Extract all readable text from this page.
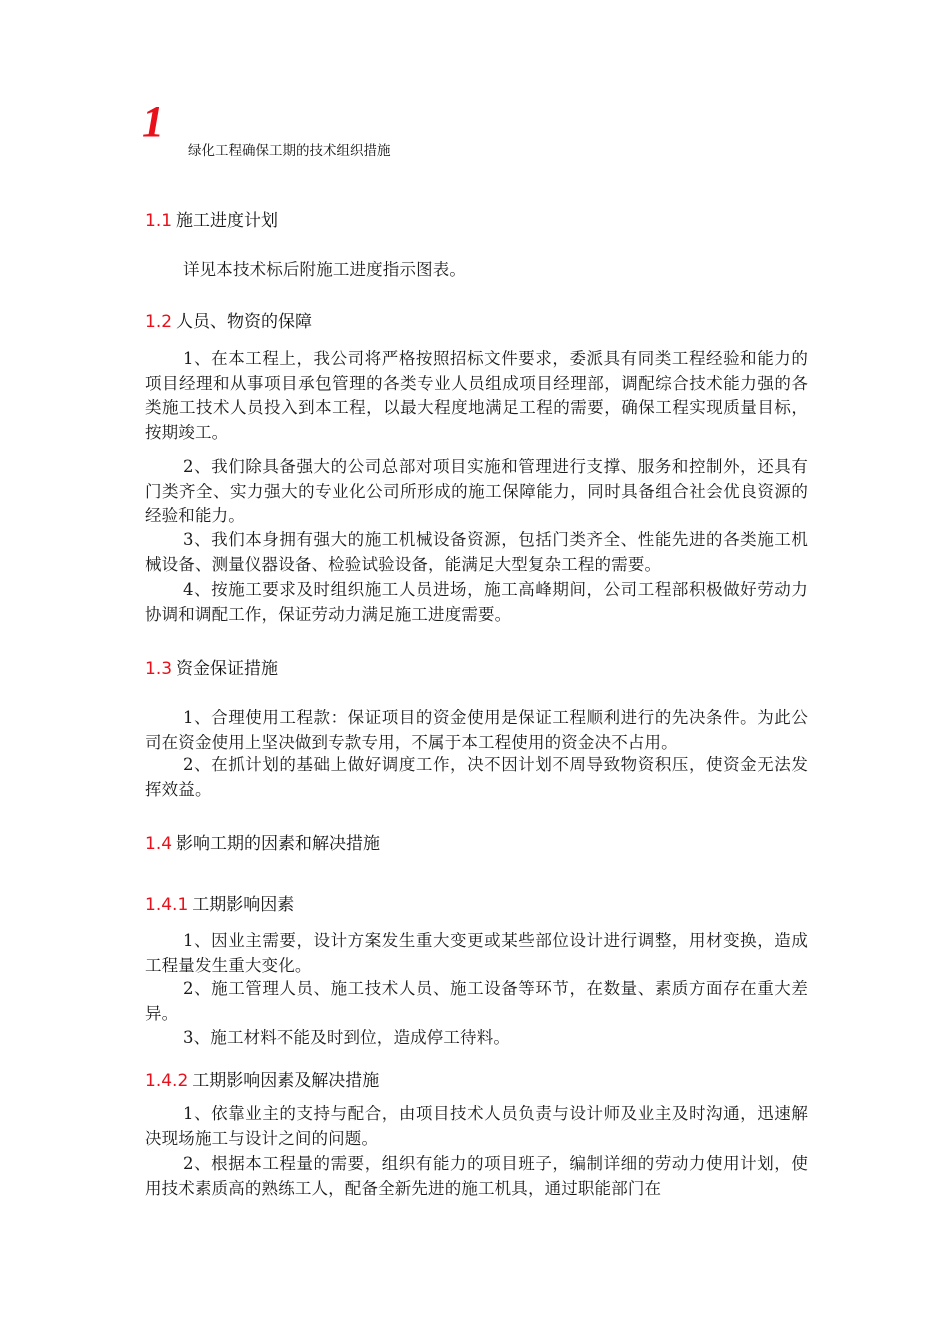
1
绿化工程确保工期的技术组织措施
1.1 施工进度计划
详见本技术标后附施工进度指示图表。
1.2 人员、物资的保障
1、在本工程上，我公司将严格按照招标文件要求，委派具有同类工程经验和能力的项目经理和从事项目承包管理的各类专业人员组成项目经理部，调配综合技术能力强的各类施工技术人员投入到本工程，以最大程度地满足工程的需要，确保工程实现质量目标，按期竣工。
2、我们除具备强大的公司总部对项目实施和管理进行支撑、服务和控制外，还具有门类齐全、实力强大的专业化公司所形成的施工保障能力，同时具备组合社会优良资源的经验和能力。
3、我们本身拥有强大的施工机械设备资源，包括门类齐全、性能先进的各类施工机械设备、测量仪器设备、检验试验设备，能满足大型复杂工程的需要。
4、按施工要求及时组织施工人员进场，施工高峰期间，公司工程部积极做好劳动力协调和调配工作，保证劳动力满足施工进度需要。
1.3 资金保证措施
1、合理使用工程款：保证项目的资金使用是保证工程顺利进行的先决条件。为此公司在资金使用上坚决做到专款专用，不属于本工程使用的资金决不占用。
2、在抓计划的基础上做好调度工作，决不因计划不周导致物资积压，使资金无法发挥效益。
1.4 影响工期的因素和解决措施
1.4.1 工期影响因素
1、因业主需要，设计方案发生重大变更或某些部位设计进行调整，用材变换，造成工程量发生重大变化。
2、施工管理人员、施工技术人员、施工设备等环节，在数量、素质方面存在重大差异。
3、施工材料不能及时到位，造成停工待料。
1.4.2 工期影响因素及解决措施
1、依靠业主的支持与配合，由项目技术人员负责与设计师及业主及时沟通，迅速解决现场施工与设计之间的问题。
2、根据本工程量的需要，组织有能力的项目班子，编制详细的劳动力使用计划，使用技术素质高的熟练工人，配备全新先进的施工机具，通过职能部门在
